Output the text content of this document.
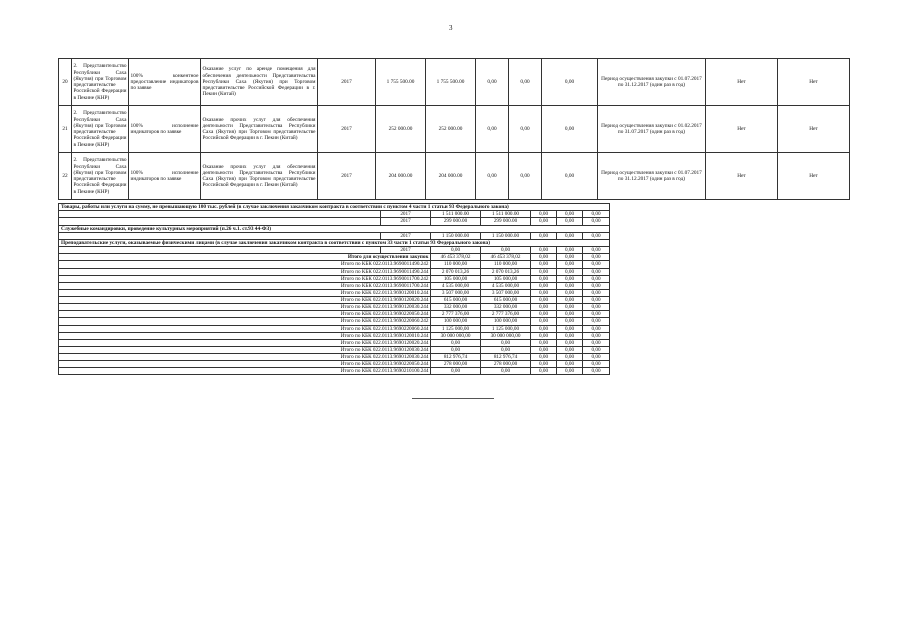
3
20	2. Представительство Республики Саха (Якутия) при Торговом представительстве Российской Федерации в Пекине (КНР)	100% конкентное предоставление индикаторов по заявке	Оказание услуг по аренде помещения для обеспечения деятельности Представительства Республики Саха (Якутия) при Торговом представительстве Российской Федерации в г. Пекин (Китай)	2017	1 755 500.00	1 755 500.00	0,00	0,00	0,00	Период осуществления закупки с 01.07.2017 по 31.12.2017 (один раз в год)	Нет	Нет
21	2. Представительство Республики Саха (Якутия) при Торговом представительстве Российской Федерации в Пекине (КНР)	100% исполнение индикаторов по заявке	Оказание прочих услуг для обеспечения деятельности Представительства Республики Саха (Якутия) при Торговом представительстве Российской Федерации в г. Пекин (Китай)	2017	252 000.00	252 000.00	0,00	0,00	0,00	Период осуществления закупки с 01.02.2017 по 31.07.2017 (один раз в год)	Нет	Нет
22	2. Представительство Республики Саха (Якутия) при Торговом представительстве Российской Федерации в Пекине (КНР)	100% исполнение индикаторов по заявке	Оказание прочих услуг для обеспечения деятельности Представительства Республики Саха (Якутия) при Торговом представительстве Российской Федерации в г. Пекин (Китай)	2017	204 000.00	204 000.00	0,00	0,00	0,00	Период осуществления закупки с 01.07.2017 по 31.12.2017 (один раз в год)	Нет	Нет
Товары, работы или услуги на сумму, не превышающую 100 тыс. рублей (в случае заключения заказчиком контракта в соответствии с пунктом 4 части 1 статьи 93 Федерального закона)						
	2017	1 511 000.00	1 511 000.00	0,00	0,00	0,00
	2017	299 000.00	299 000.00	0,00	0,00	0,00
Служебные командировки, проведение культурных мероприятий (п.26 ч.1. ст.93 44-ФЗ)						
	2017	1 150 000.00	1 150 000.00	0,00	0,00	0,00
Преподавательские услуги, оказываемые физическими лицами (в случае заключения заказчиком контракта в соответствии с пунктом 33 части 1 статьи 93 Федерального закона)						
	2017	0,00	0,00	0,00	0,00	0,00
Итого для осуществления закупок		46 453 378,02	46 453 378,02	0,00	0,00	0,00
Итого по КБК 022.0113.9690011490.242		110 000,00	110 000,00	0,00	0,00	0,00
Итого по КБК 022.0113.9690011490.244		2 070 013,26	2 070 013,26	0,00	0,00	0,00
Итого по КБК 022.0113.9690011700.242		105 000,00	105 000,00	0,00	0,00	0,00
Итого по КБК 022.0113.9690011700.244		4 535 000,00	4 535 000,00	0,00	0,00	0,00
Итого по КБК 022.0113.9690120010.244		3 507 000,00	3 507 000,00	0,00	0,00	0,00
Итого по КБК 022.0113.9690120020.244		615 000,00	615 000,00	0,00	0,00	0,00
Итого по КБК 022.0113.9690120030.244		332 000,00	332 000,00	0,00	0,00	0,00
Итого по КБК 022.0113.9690220050.244		2 777 376,00	2 777 376,00	0,00	0,00	0,00
Итого по КБК 022.0113.9690220060.242		100 000,00	100 000,00	0,00	0,00	0,00
Итого по КБК 022.0113.9690220060.244		1 125 000,00	1 125 000,00	0,00	0,00	0,00
Итого по КБК 022.0113.9690120010.244		30 000 000,00	30 000 000,00	0,00	0,00	0,00
Итого по КБК 022.0113.9690120020.244		0,00	0,00	0,00	0,00	0,00
Итого по КБК 022.0113.9690120030.244		0,00	0,00	0,00	0,00	0,00
Итого по КБК 022.0113.9690120030.244		812 976,74	812 976,74	0,00	0,00	0,00
Итого по КБК 022.0113.9690220050.244		278 000,00	278 000,00	0,00	0,00	0,00
Итого по КБК 022.0113.9690210100.244		0,00	0,00	0,00	0,00	0,00
